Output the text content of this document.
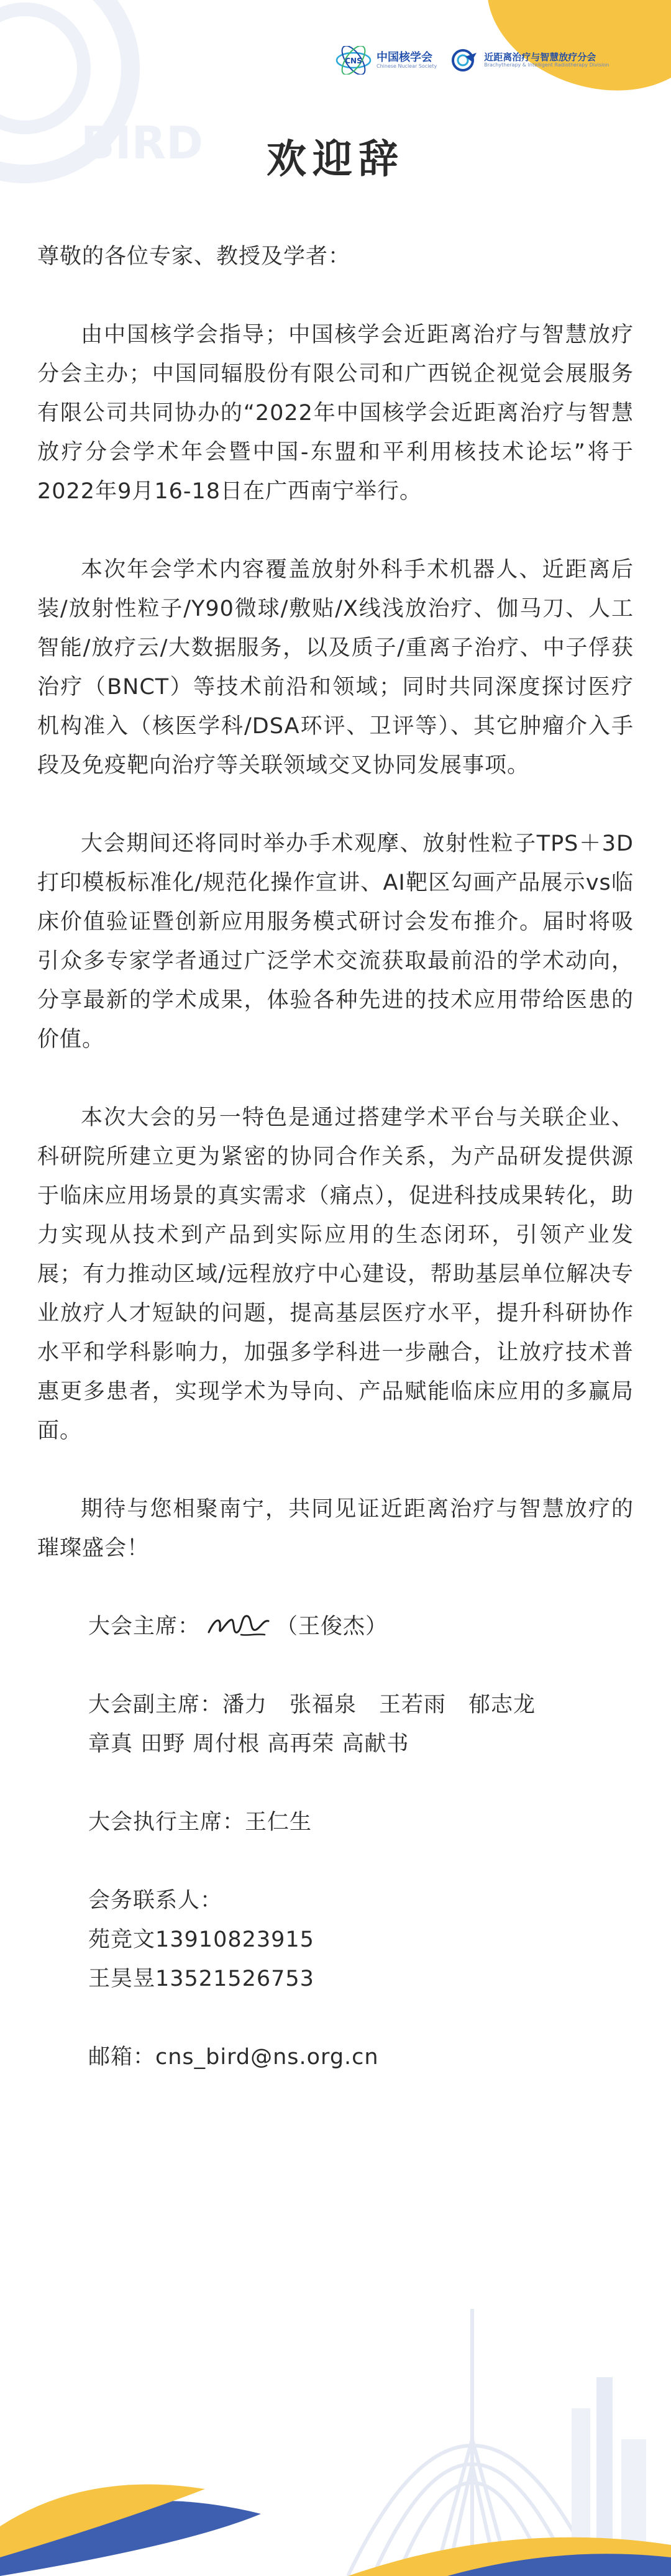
BIRD
CNS 中国核学会
Chinese Nuclear Society
近距离治疗与智慧放疗分会
Brachytherapy & Intelligent Radiotherapy Division
欢迎辞

尊敬的各位专家、教授及学者：

由中国核学会指导；中国核学会近距离治疗与智慧放疗分会主办；中国同辐股份有限公司和广西锐企视觉会展服务有限公司共同协办的“2022年中国核学会近距离治疗与智慧放疗分会学术年会暨中国-东盟和平利用核技术论坛”将于2022年9月16-18日在广西南宁举行。

本次年会学术内容覆盖放射外科手术机器人、近距离后装/放射性粒子/Y90微球/敷贴/X线浅放治疗、伽马刀、人工智能/放疗云/大数据服务，以及质子/重离子治疗、中子俘获治疗（BNCT）等技术前沿和领域；同时共同深度探讨医疗机构准入（核医学科/DSA环评、卫评等）、其它肿瘤介入手段及免疫靶向治疗等关联领域交叉协同发展事项。

大会期间还将同时举办手术观摩、放射性粒子TPS＋3D打印模板标准化/规范化操作宣讲、AI靶区勾画产品展示vs临床价值验证暨创新应用服务模式研讨会发布推介。届时将吸引众多专家学者通过广泛学术交流获取最前沿的学术动向，分享最新的学术成果，体验各种先进的技术应用带给医患的价值。

本次大会的另一特色是通过搭建学术平台与关联企业、科研院所建立更为紧密的协同合作关系，为产品研发提供源于临床应用场景的真实需求（痛点），促进科技成果转化，助力实现从技术到产品到实际应用的生态闭环，引领产业发展；有力推动区域/远程放疗中心建设，帮助基层单位解决专业放疗人才短缺的问题，提高基层医疗水平，提升科研协作水平和学科影响力，加强多学科进一步融合，让放疗技术普惠更多患者，实现学术为导向、产品赋能临床应用的多赢局面。

期待与您相聚南宁，共同见证近距离治疗与智慧放疗的璀璨盛会！

大会主席：	（王俊杰）
大会副主席：潘力　张福泉　王若雨　郁志龙
章真 田野 周付根 高再荣 高献书
大会执行主席：王仁生
会务联系人：
苑竞文13910823915
王昊昱13521526753
邮箱：cns_bird@ns.org.cn
